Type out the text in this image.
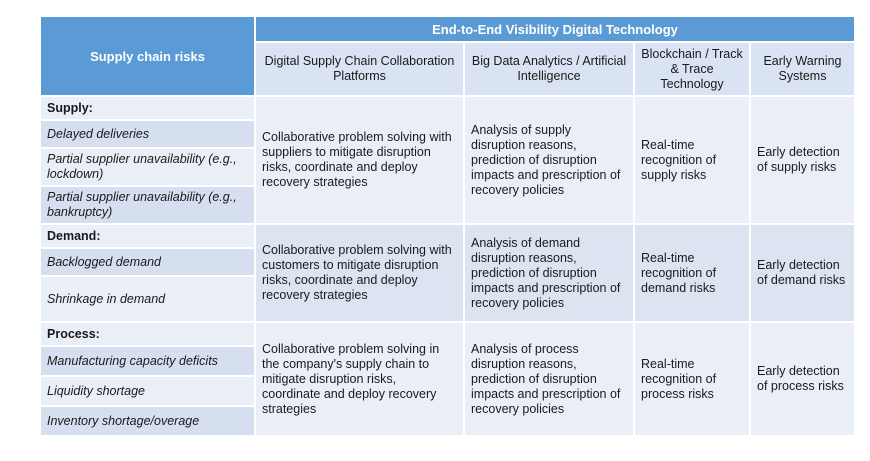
Supply chain risks	End-to-End Visibility Digital Technology			
	Digital Supply Chain Collaboration Platforms	Big Data Analytics / Artificial Intelligence	Blockchain / Track & Trace Technology	Early Warning Systems
Supply:	Collaborative problem solving with suppliers to mitigate disruption risks, coordinate and deploy recovery strategies	Analysis of supply disruption reasons, prediction of disruption impacts and prescription of recovery policies	Real-time recognition of supply risks	Early detection of supply risks
Delayed deliveries				
Partial supplier unavailability (e.g., lockdown)				
Partial supplier unavailability (e.g., bankruptcy)				
Demand:	Collaborative problem solving with customers to mitigate disruption risks, coordinate and deploy recovery strategies	Analysis of demand disruption reasons, prediction of disruption impacts and prescription of recovery policies	Real-time recognition of demand risks	Early detection of demand risks
Backlogged demand				
Shrinkage in demand				
Process:	Collaborative problem solving in the company's supply chain to mitigate disruption risks, coordinate and deploy recovery strategies	Analysis of process disruption reasons, prediction of disruption impacts and prescription of recovery policies	Real-time recognition of process risks	Early detection of process risks
Manufacturing capacity deficits				
Liquidity shortage				
Inventory shortage/overage				
